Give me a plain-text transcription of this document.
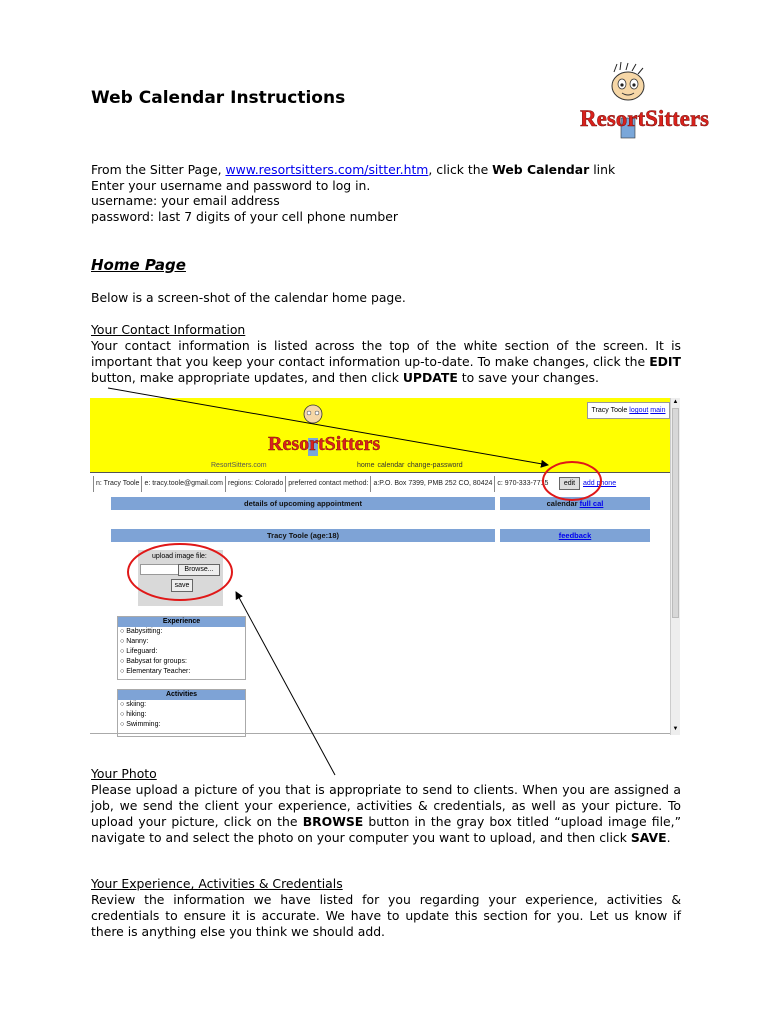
Web Calendar Instructions
ResortSitters
From the Sitter Page, www.resortsitters.com/sitter.htm, click the Web Calendar link
Enter your username and password to log in.
username: your email address
password: last 7 digits of your cell phone number
Home Page
Below is a screen-shot of the calendar home page.
Your Contact Information
Your contact information is listed across the top of the white section of the screen. It is important that you keep your contact information up-to-date. To make changes, click the EDIT button, make appropriate updates, and then click UPDATE to save your changes.
ResortSitters
Tracy Toole logout main
ResortSitters.com	home calendar change-password
n: Tracy Toole e: tracy.toole@gmail.com regions: Colorado preferred contact method: a:P.O. Box 7399, PMB 252 CO, 80424 c: 970-333-7715	edit	add phone
details of upcoming appointment	calendar full cal
Tracy Toole (age:18)	feedback
upload image file:
Browse...
save
Experience
○ Babysitting:
○ Nanny:
○ Lifeguard:
○ Babysat for groups:
○ Elementary Teacher:
Activities
○ skiing:
○ hiking:
○ Swimming:
▲
▼
Your Photo
Please upload a picture of you that is appropriate to send to clients. When you are assigned a job, we send the client your experience, activities & credentials, as well as your picture. To upload your picture, click on the BROWSE button in the gray box titled “upload image file,” navigate to and select the photo on your computer you want to upload, and then click SAVE.
Your Experience, Activities & Credentials
Review the information we have listed for you regarding your experience, activities & credentials to ensure it is accurate. We have to update this section for you. Let us know if there is anything else you think we should add.
